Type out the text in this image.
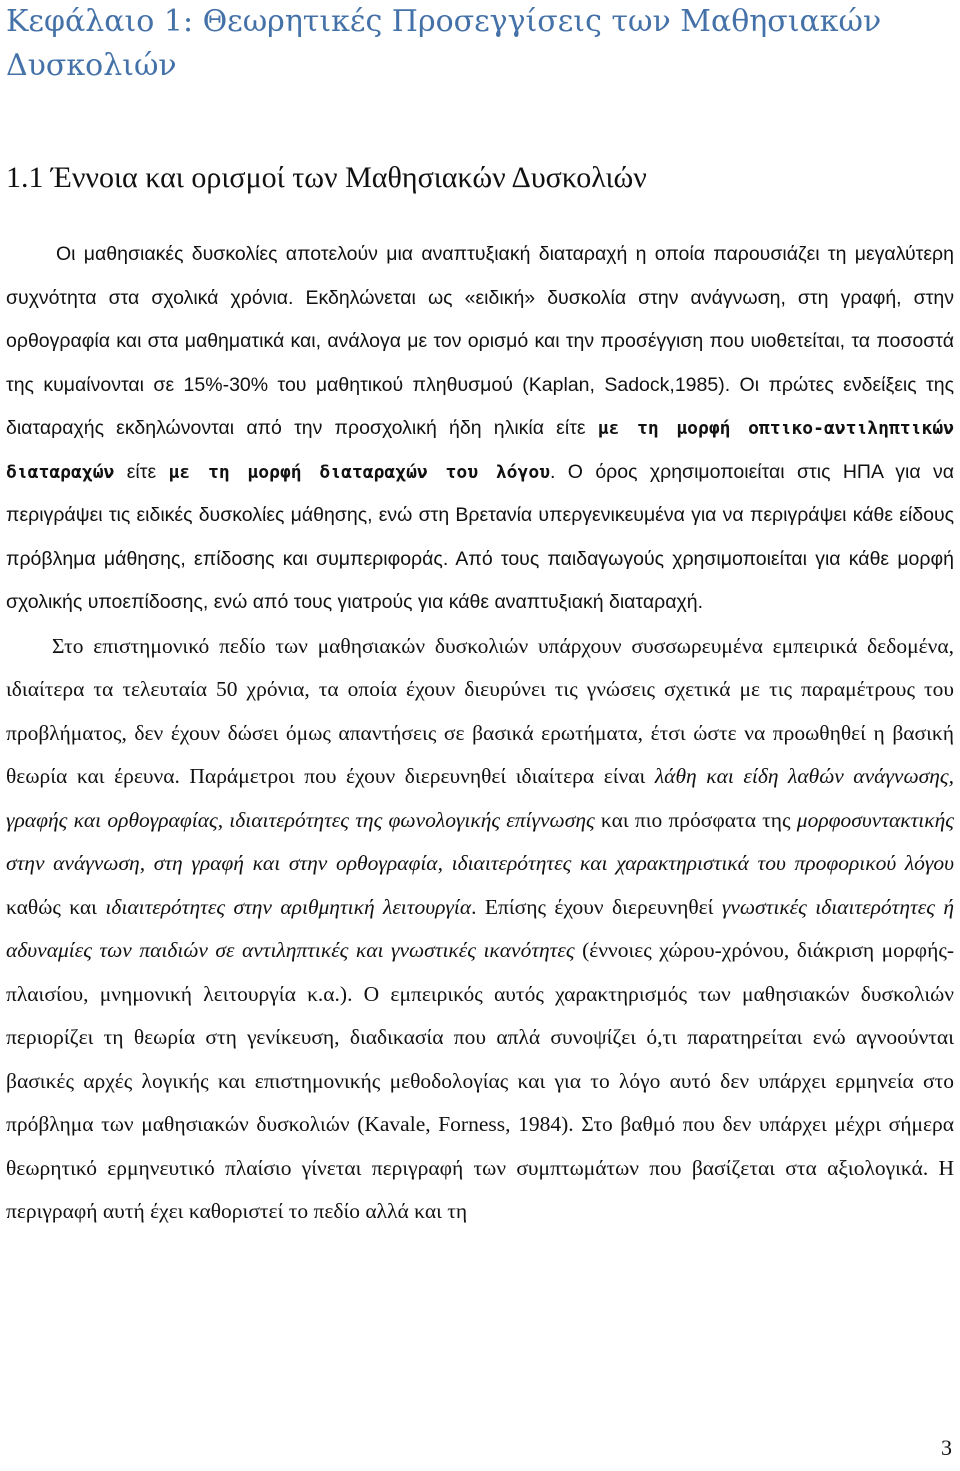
Κεφάλαιο 1: Θεωρητικές Προσεγγίσεις των Μαθησιακών Δυσκολιών
1.1 Έννοια και ορισμοί των Μαθησιακών Δυσκολιών

Οι μαθησιακές δυσκολίες αποτελούν μια αναπτυξιακή διαταραχή η οποία παρουσιάζει τη μεγαλύτερη συχνότητα στα σχολικά χρόνια. Εκδηλώνεται ως «ειδική» δυσκολία στην ανάγνωση, στη γραφή, στην ορθογραφία και στα μαθηματικά και, ανάλογα με τον ορισμό και την προσέγγιση που υιοθετείται, τα ποσοστά της κυμαίνονται σε 15%-30% του μαθητικού πληθυσμού (Kaplan, Sadock,1985). Οι πρώτες ενδείξεις της διαταραχής εκδηλώνονται από την προσχολική ήδη ηλικία είτε με τη μορφή οπτικο-αντιληπτικών διαταραχών είτε με τη μορφή διαταραχών του λόγου. Ο όρος χρησιμοποιείται στις ΗΠΑ για να περιγράψει τις ειδικές δυσκολίες μάθησης, ενώ στη Βρετανία υπεργενικευμένα για να περιγράψει κάθε είδους πρόβλημα μάθησης, επίδοσης και συμπεριφοράς. Από τους παιδαγωγούς χρησιμοποιείται για κάθε μορφή σχολικής υποεπίδοσης, ενώ από τους γιατρούς για κάθε αναπτυξιακή διαταραχή.

Στο επιστημονικό πεδίο των μαθησιακών δυσκολιών υπάρχουν συσσωρευμένα εμπειρικά δεδομένα, ιδιαίτερα τα τελευταία 50 χρόνια, τα οποία έχουν διευρύνει τις γνώσεις σχετικά με τις παραμέτρους του προβλήματος, δεν έχουν δώσει όμως απαντήσεις σε βασικά ερωτήματα, έτσι ώστε να προωθηθεί η βασική θεωρία και έρευνα. Παράμετροι που έχουν διερευνηθεί ιδιαίτερα είναι λάθη και είδη λαθών ανάγνωσης, γραφής και ορθογραφίας, ιδιαιτερότητες της φωνολογικής επίγνωσης και πιο πρόσφατα της μορφοσυντακτικής στην ανάγνωση, στη γραφή και στην ορθογραφία, ιδιαιτερότητες και χαρακτηριστικά του προφορικού λόγου καθώς και ιδιαιτερότητες στην αριθμητική λειτουργία. Επίσης έχουν διερευνηθεί γνωστικές ιδιαιτερότητες ή αδυναμίες των παιδιών σε αντιληπτικές και γνωστικές ικανότητες (έννοιες χώρου-χρόνου, διάκριση μορφής-πλαισίου, μνημονική λειτουργία κ.α.). Ο εμπειρικός αυτός χαρακτηρισμός των μαθησιακών δυσκολιών περιορίζει τη θεωρία στη γενίκευση, διαδικασία που απλά συνοψίζει ό,τι παρατηρείται ενώ αγνοούνται βασικές αρχές λογικής και επιστημονικής μεθοδολογίας και για το λόγο αυτό δεν υπάρχει ερμηνεία στο πρόβλημα των μαθησιακών δυσκολιών (Kavale, Forness, 1984). Στο βαθμό που δεν υπάρχει μέχρι σήμερα θεωρητικό ερμηνευτικό πλαίσιο γίνεται περιγραφή των συμπτωμάτων που βασίζεται στα αξιολογικά. Η περιγραφή αυτή έχει καθοριστεί το πεδίο αλλά και τη

3
